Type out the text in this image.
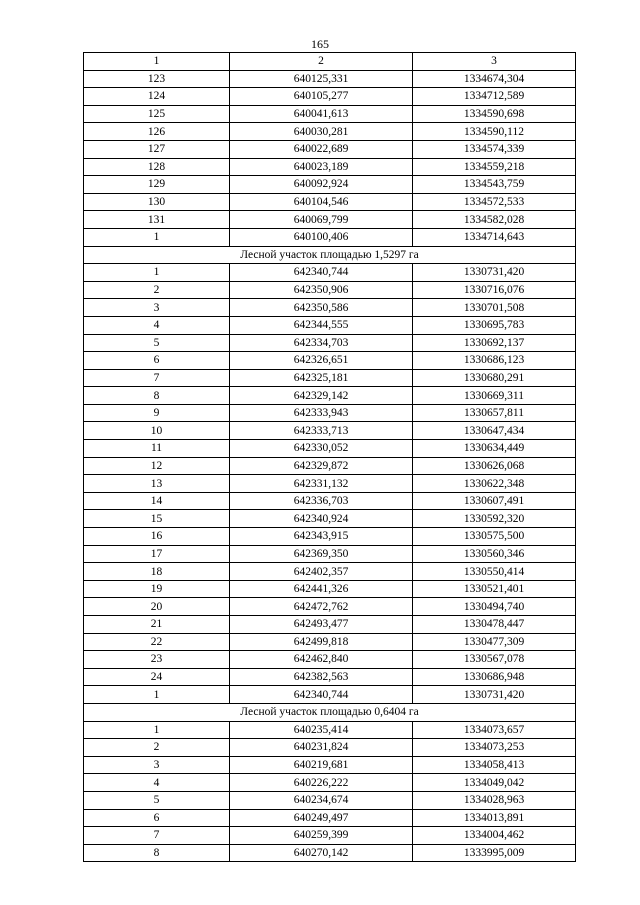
165
1	2	3
123	640125,331	1334674,304
124	640105,277	1334712,589
125	640041,613	1334590,698
126	640030,281	1334590,112
127	640022,689	1334574,339
128	640023,189	1334559,218
129	640092,924	1334543,759
130	640104,546	1334572,533
131	640069,799	1334582,028
1	640100,406	1334714,643
Лесной участок площадью 1,5297 га		
1	642340,744	1330731,420
2	642350,906	1330716,076
3	642350,586	1330701,508
4	642344,555	1330695,783
5	642334,703	1330692,137
6	642326,651	1330686,123
7	642325,181	1330680,291
8	642329,142	1330669,311
9	642333,943	1330657,811
10	642333,713	1330647,434
11	642330,052	1330634,449
12	642329,872	1330626,068
13	642331,132	1330622,348
14	642336,703	1330607,491
15	642340,924	1330592,320
16	642343,915	1330575,500
17	642369,350	1330560,346
18	642402,357	1330550,414
19	642441,326	1330521,401
20	642472,762	1330494,740
21	642493,477	1330478,447
22	642499,818	1330477,309
23	642462,840	1330567,078
24	642382,563	1330686,948
1	642340,744	1330731,420
Лесной участок площадью 0,6404 га		
1	640235,414	1334073,657
2	640231,824	1334073,253
3	640219,681	1334058,413
4	640226,222	1334049,042
5	640234,674	1334028,963
6	640249,497	1334013,891
7	640259,399	1334004,462
8	640270,142	1333995,009
